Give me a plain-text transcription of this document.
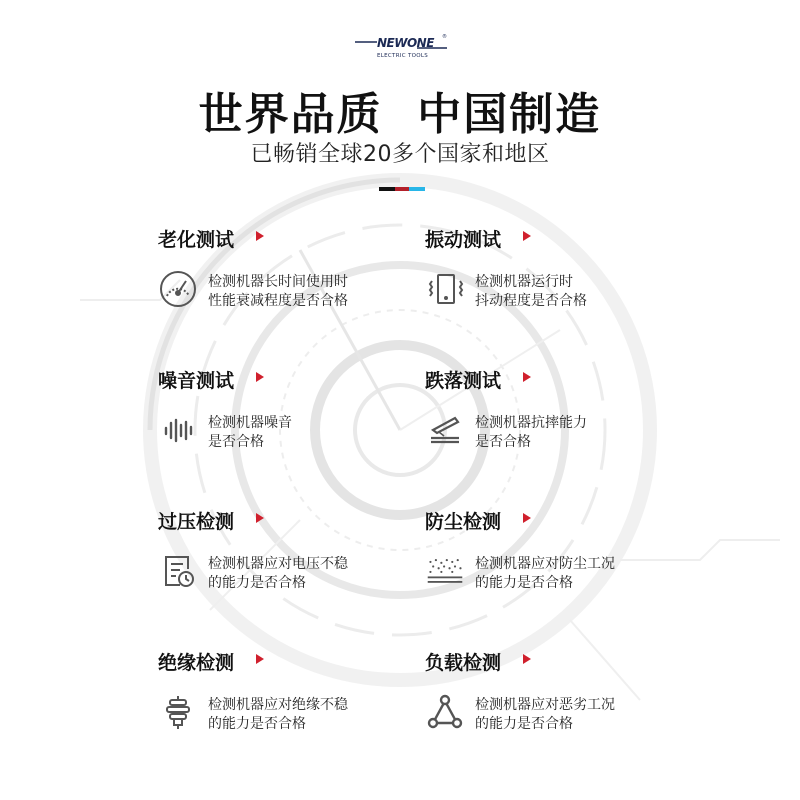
NEWONE ®
ELECTRIC TOOLS
世界品质  中国制造
已畅销全球20多个国家和地区
老化测试
检测机器长时间使用时
性能衰减程度是否合格
振动测试
检测机器运行时
抖动程度是否合格
噪音测试
检测机器噪音
是否合格
跌落测试
检测机器抗摔能力
是否合格
过压检测
检测机器应对电压不稳
的能力是否合格
防尘检测
检测机器应对防尘工况
的能力是否合格
绝缘检测
检测机器应对绝缘不稳
的能力是否合格
负载检测
检测机器应对恶劣工况
的能力是否合格
